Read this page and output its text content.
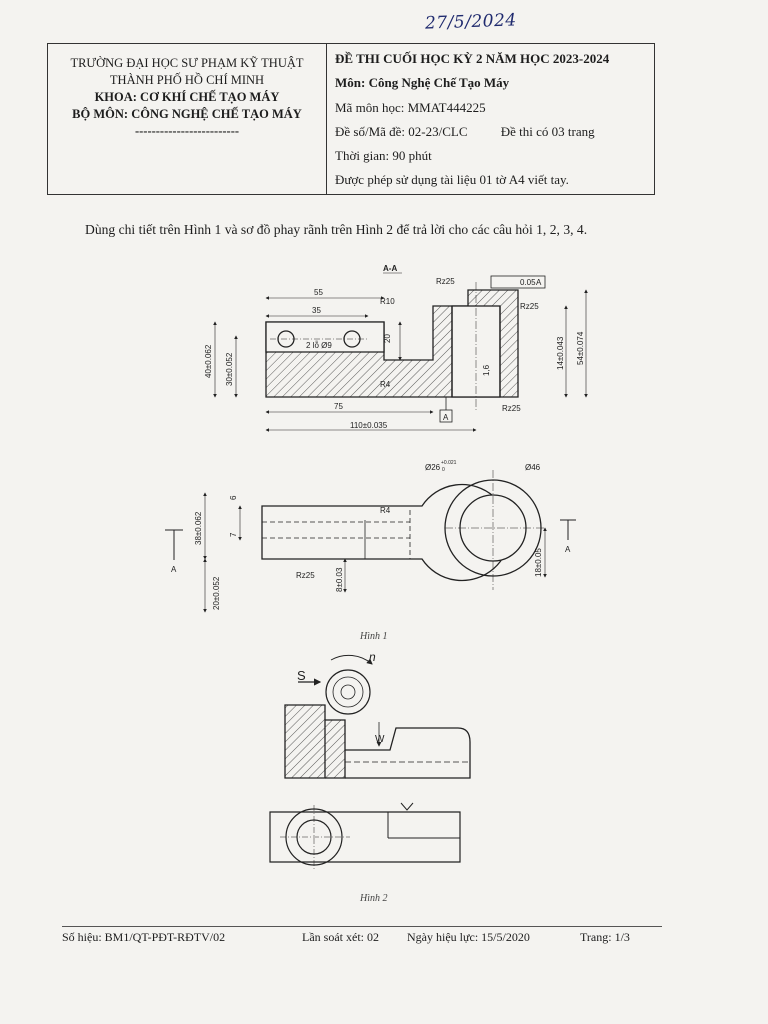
27/5/2024
TRƯỜNG ĐẠI HỌC SƯ PHẠM KỸ THUẬT
THÀNH PHỐ HỒ CHÍ MINH
KHOA: CƠ KHÍ CHẾ TẠO MÁY
BỘ MÔN: CÔNG NGHỆ CHẾ TẠO MÁY
-------------------------
ĐỀ THI CUỐI HỌC KỲ 2 NĂM HỌC 2023-2024
Môn: Công Nghệ Chế Tạo Máy
Mã môn học: MMAT444225
Đề số/Mã đề: 02-23/CLC	Đề thi có 03 trang
Thời gian: 90 phút
Được phép sử dụng tài liệu 01 tờ A4 viết tay.
Dùng chi tiết trên Hình 1 và sơ đồ phay rãnh trên Hình 2 để trả lời cho các câu hỏi 1, 2, 3, 4.
A-A
55
35
R10
2 lỗ Ø9
20
40±0.062 30±0.052	R4
75
110±0.035
Rz25	0.05 A
Rz25
14±0.043 54±0.074
1,6
Rz25
A
Ø26 +0.021
0	Ø46
R4
6
38±0.062	7
20±0.052
Rz25	8±0.03
18±0.05
A
A
S
n
W
Hình 1
Hình 2
Số hiệu: BM1/QT-PĐT-RĐTV/02	Lần soát xét: 02 Ngày hiệu lực: 15/5/2020	Trang: 1/3
